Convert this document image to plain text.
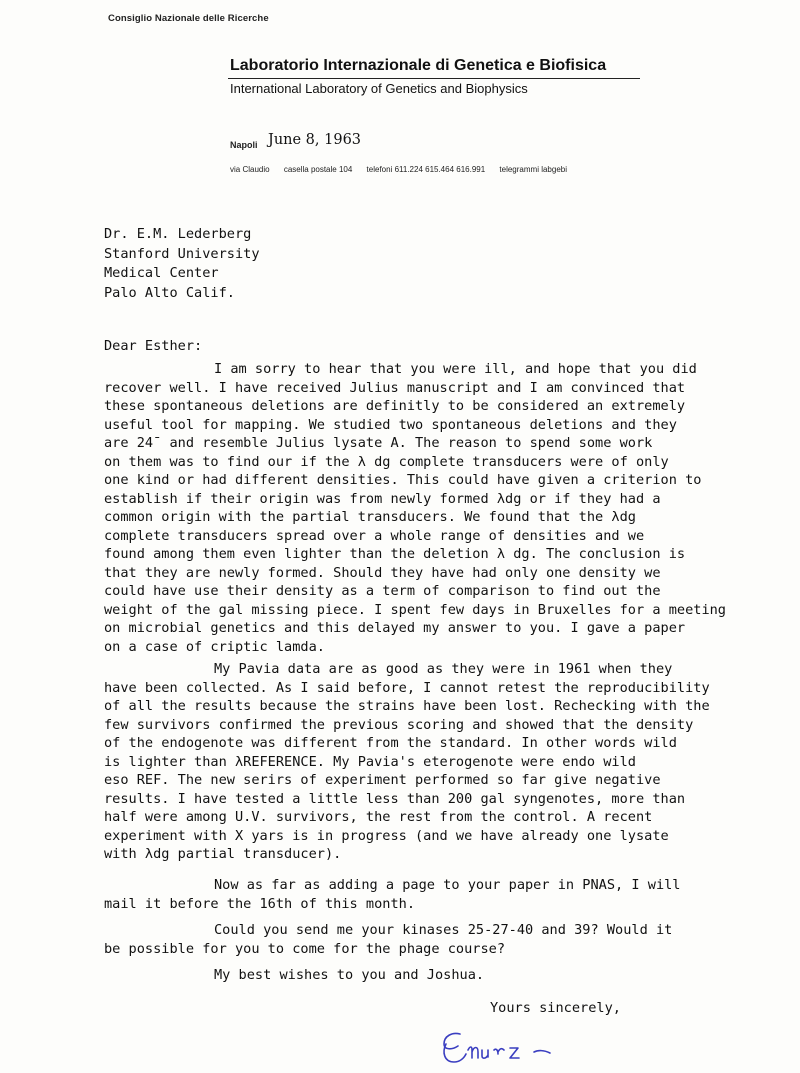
Consiglio Nazionale delle Ricerche
Laboratorio Internazionale di Genetica e Biofisica
International Laboratory of Genetics and Biophysics
Napoli June 8, 1963
via Claudio casella postale 104 telefoni 611.224 615.464 616.991 telegrammi labgebi
Dr. E.M. Lederberg
Stanford University
Medical Center
Palo Alto Calif.
Dear Esther:
I am sorry to hear that you were ill, and hope that you did
recover well. I have received Julius manuscript and I am convinced that
these spontaneous deletions are definitly to be considered an extremely
useful tool for mapping. We studied two spontaneous deletions and they
are 24ˉ and resemble Julius lysate A. The reason to spend some work
on them was to find our if the λ dg complete transducers were of only
one kind or had different densities. This could have given a criterion to
establish if their origin was from newly formed λdg or if they had a
common origin with the partial transducers. We found that the λdg
complete transducers spread over a whole range of densities and we
found among them even lighter than the deletion λ dg. The conclusion is
that they are newly formed. Should they have had only one density we
could have use their density as a term of comparison to find out the
weight of the gal missing piece. I spent few days in Bruxelles for a meeting
on microbial genetics and this delayed my answer to you. I gave a paper
on a case of criptic lamda.
My Pavia data are as good as they were in 1961 when they
have been collected. As I said before, I cannot retest the reproducibility
of all the results because the strains have been lost. Rechecking with the
few survivors confirmed the previous scoring and showed that the density
of the endogenote was different from the standard. In other words wild
is lighter than λREFERENCE. My Pavia's eterogenote were endo wild
eso REF. The new serirs of experiment performed so far give negative
results. I have tested a little less than 200 gal syngenotes, more than
half were among U.V. survivors, the rest from the control. A recent
experiment with X yars is in progress (and we have already one lysate
with λdg partial transducer).
Now as far as adding a page to your paper in PNAS, I will
mail it before the 16th of this month.
Could you send me your kinases 25-27-40 and 39? Would it
be possible for you to come for the phage course?
My best wishes to you and Joshua.
Yours sincerely,
